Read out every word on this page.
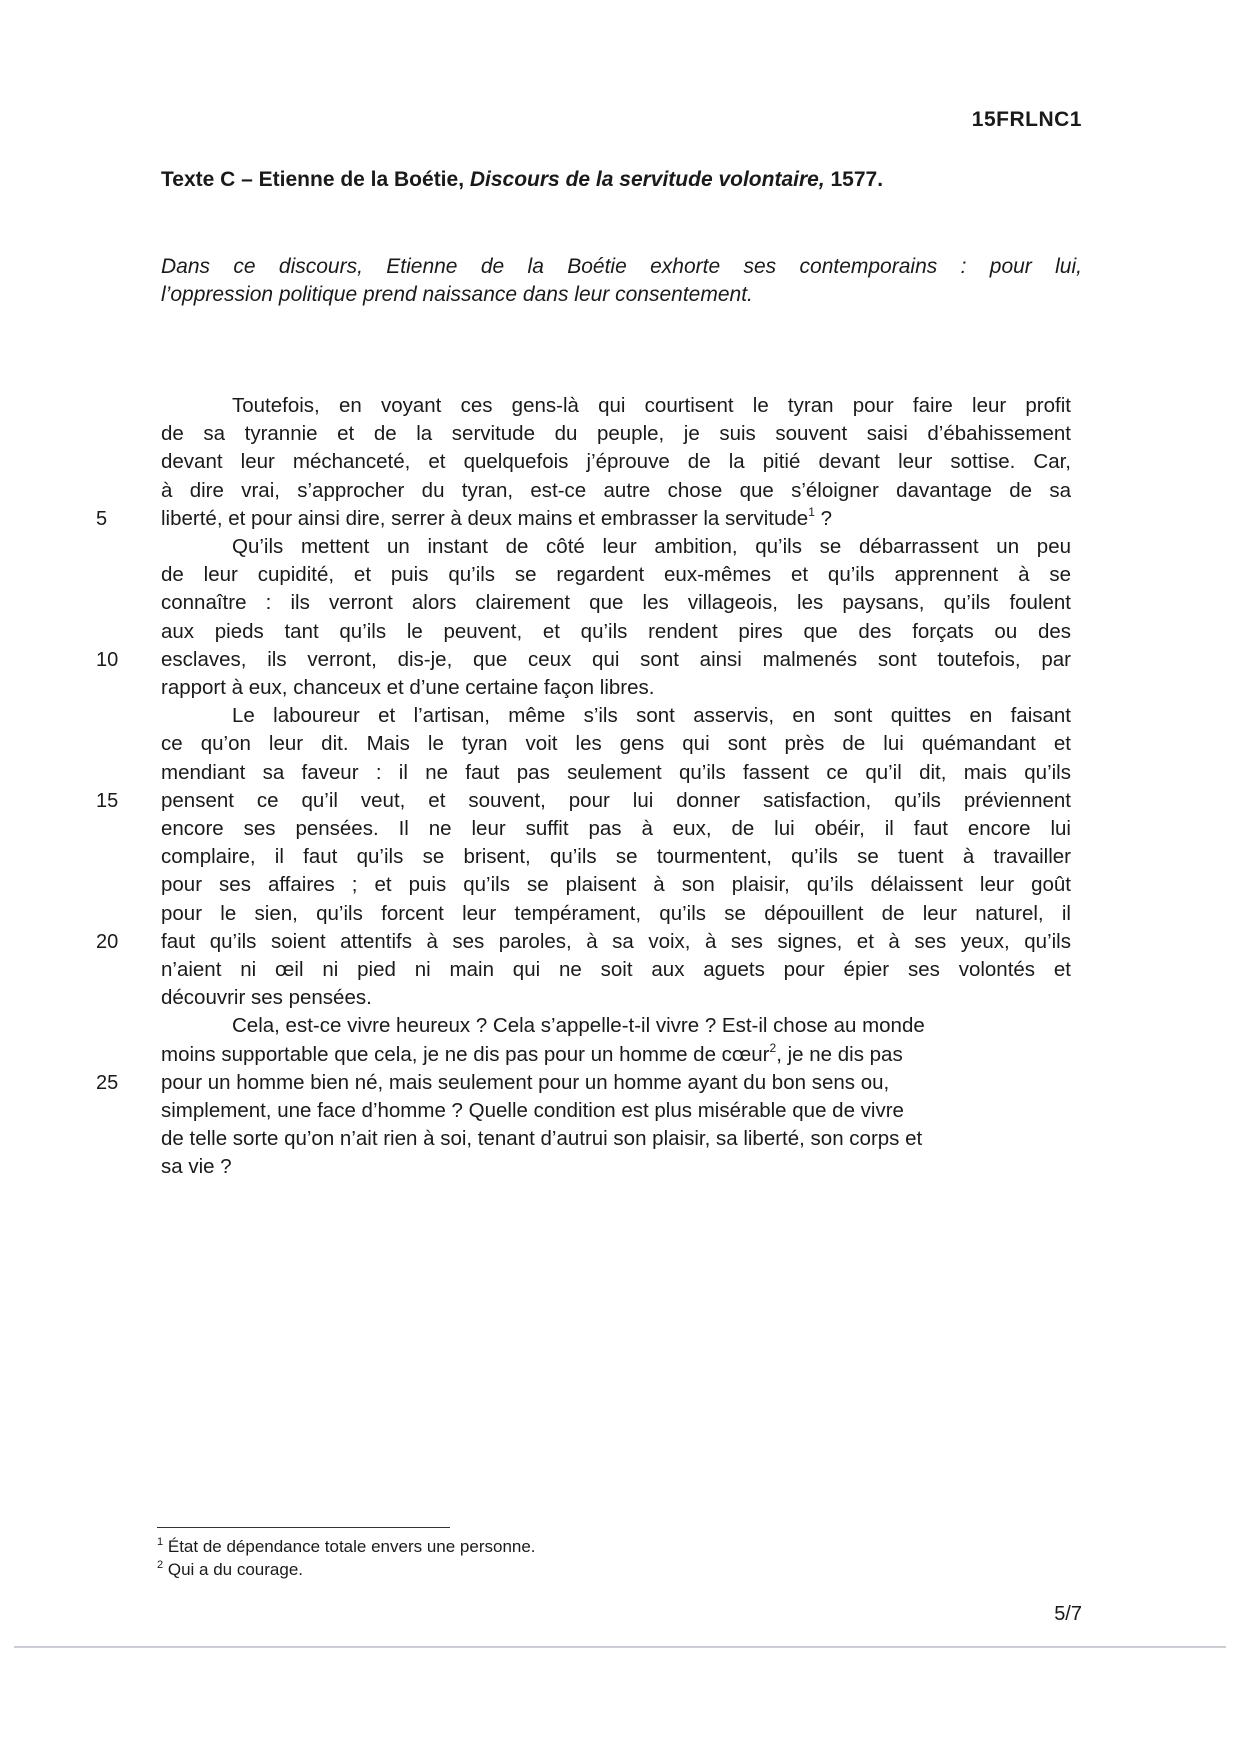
15FRLNC1
Texte C – Etienne de la Boétie, Discours de la servitude volontaire, 1577.
Dans ce discours, Etienne de la Boétie exhorte ses contemporains : pour lui,
l’oppression politique prend naissance dans leur consentement.
Toutefois, en voyant ces gens-là qui courtisent le tyran pour faire leur profit
de sa tyrannie et de la servitude du peuple, je suis souvent saisi d’ébahissement
devant leur méchanceté, et quelquefois j’éprouve de la pitié devant leur sottise. Car,
à dire vrai, s’approcher du tyran, est-ce autre chose que s’éloigner davantage de sa
liberté, et pour ainsi dire, serrer à deux mains et embrasser la servitude$^1$ ?
5
Qu’ils mettent un instant de côté leur ambition, qu’ils se débarrassent un peu
de leur cupidité, et puis qu’ils se regardent eux-mêmes et qu’ils apprennent à se
connaître : ils verront alors clairement que les villageois, les paysans, qu’ils foulent
aux pieds tant qu’ils le peuvent, et qu’ils rendent pires que des forçats ou des
esclaves, ils verront, dis-je, que ceux qui sont ainsi malmenés sont toutefois, par
10
rapport à eux, chanceux et d’une certaine façon libres.
Le laboureur et l’artisan, même s’ils sont asservis, en sont quittes en faisant
ce qu’on leur dit. Mais le tyran voit les gens qui sont près de lui quémandant et
mendiant sa faveur : il ne faut pas seulement qu’ils fassent ce qu’il dit, mais qu’ils
pensent ce qu’il veut, et souvent, pour lui donner satisfaction, qu’ils préviennent
15
encore ses pensées. Il ne leur suffit pas à eux, de lui obéir, il faut encore lui
complaire, il faut qu’ils se brisent, qu’ils se tourmentent, qu’ils se tuent à travailler
pour ses affaires ; et puis qu’ils se plaisent à son plaisir, qu’ils délaissent leur goût
pour le sien, qu’ils forcent leur tempérament, qu’ils se dépouillent de leur naturel, il
faut qu’ils soient attentifs à ses paroles, à sa voix, à ses signes, et à ses yeux, qu’ils
20
n’aient ni œil ni pied ni main qui ne soit aux aguets pour épier ses volontés et
découvrir ses pensées.
Cela, est-ce vivre heureux ? Cela s’appelle-t-il vivre ? Est-il chose au monde
moins supportable que cela, je ne dis pas pour un homme de cœur$^2$, je ne dis pas
pour un homme bien né, mais seulement pour un homme ayant du bon sens ou,
25
simplement, une face d’homme ? Quelle condition est plus misérable que de vivre
de telle sorte qu’on n’ait rien à soi, tenant d’autrui son plaisir, sa liberté, son corps et
sa vie ?
$^1$ État de dépendance totale envers une personne.
$^2$ Qui a du courage.
5/7
